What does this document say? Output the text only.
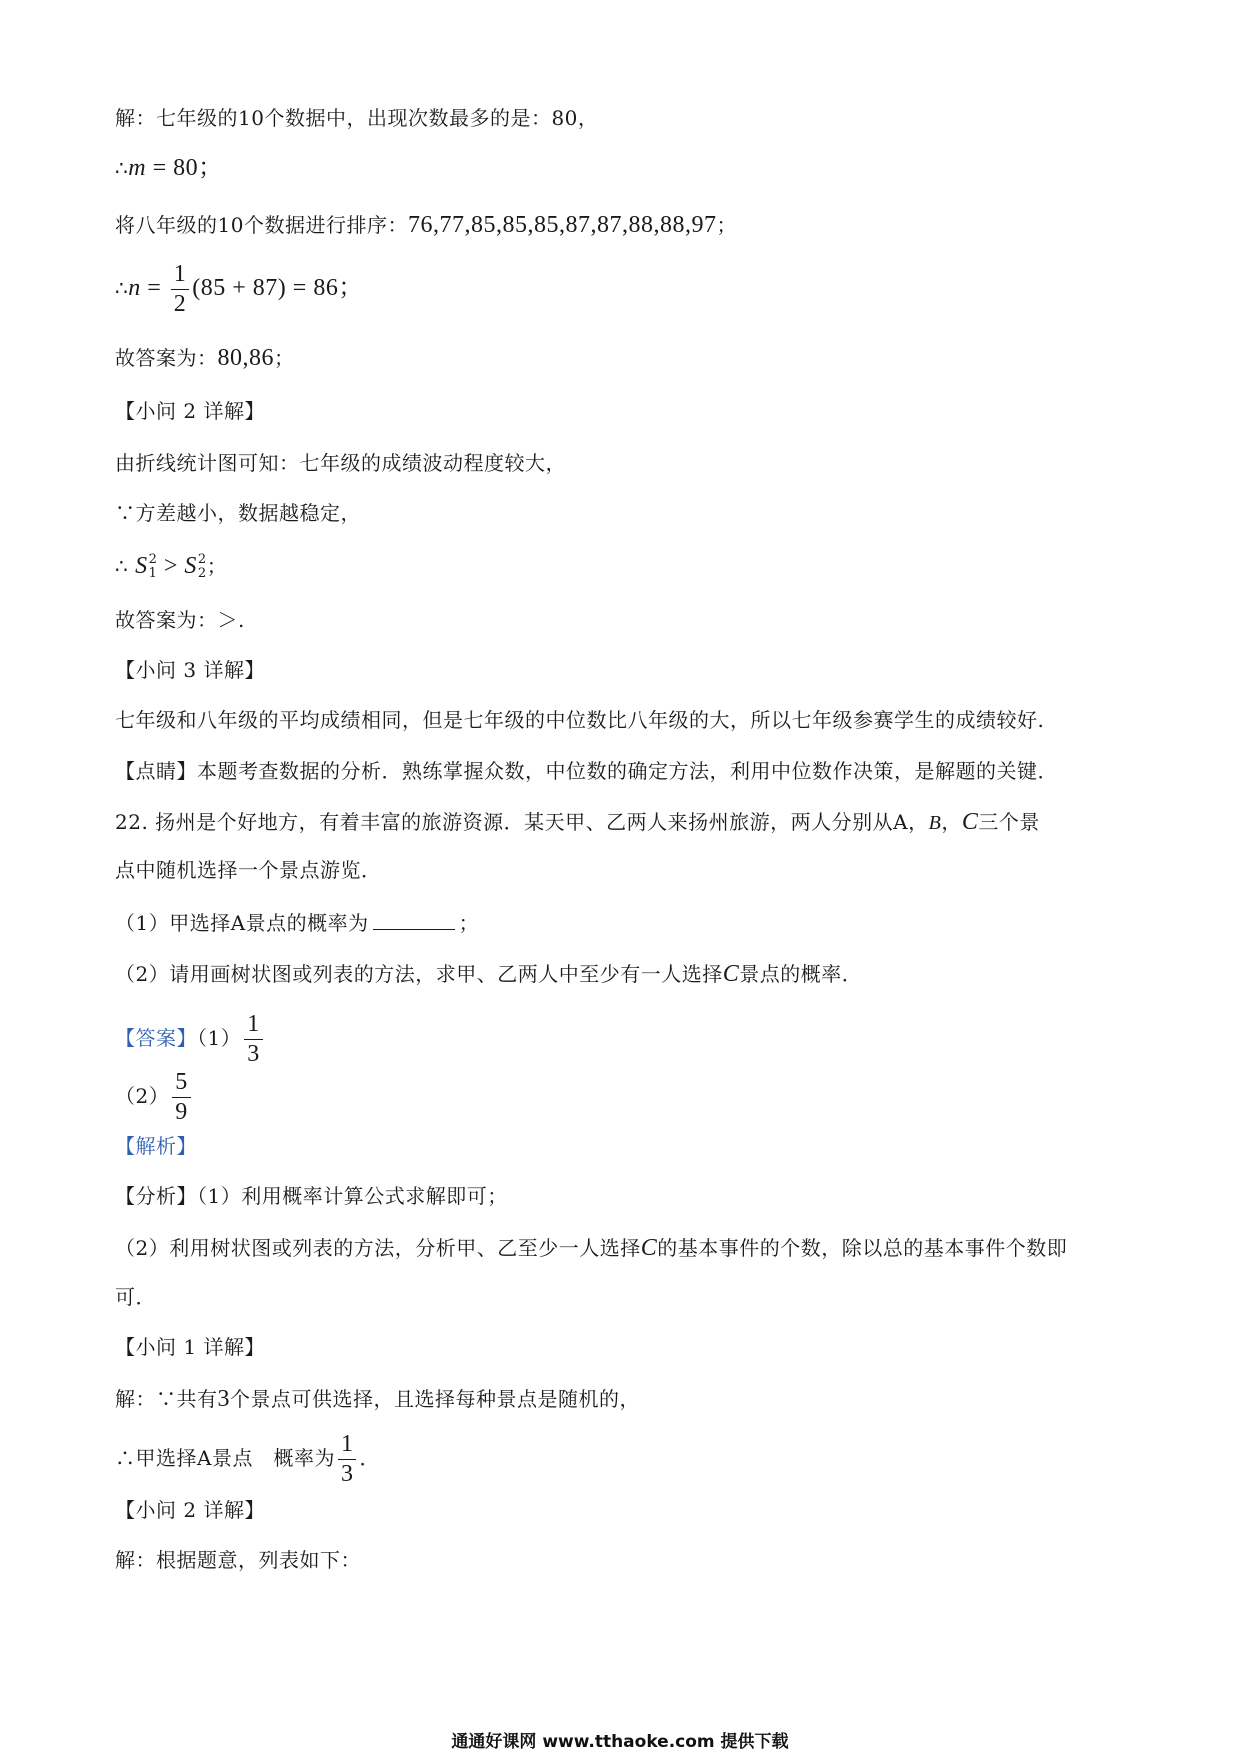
解：七年级的10个数据中，出现次数最多的是：80，
∴m = 80；
将八年级的10个数据进行排序：76,77,85,85,85,87,87,88,88,97；
∴n = $\frac{1}{2} (85 + 87) = 86$；
故答案为：80,86；
【小问 2 详解】
由折线统计图可知：七年级的成绩波动程度较大，
∵方差越小，数据越稳定，
∴ S 2
1 > S 2
2 ；
故答案为：＞.
【小问 3 详解】
七年级和八年级的平均成绩相同，但是七年级的中位数比八年级的大，所以七年级参赛学生的成绩较好.
【点睛】本题考查数据的分析．熟练掌握众数，中位数的确定方法，利用中位数作决策，是解题的关键．
22. 扬州是个好地方，有着丰富的旅游资源．某天甲、乙两人来扬州旅游，两人分别从A，B，C三个景
点中随机选择一个景点游览．
（1）甲选择A景点的概率为	；
（2）请用画树状图或列表的方法，求甲、乙两人中至少有一人选择C景点的概率．
【答案】$(1) \frac{1}{3}$
$(2) \frac{5}{9}$
【解析】
【分析】（1）利用概率计算公式求解即可；
（2）利用树状图或列表的方法，分析甲、乙至少一人选择C的基本事件的个数，除以总的基本事件个数即
可．
【小问 1 详解】
解：∵共有3个景点可供选择，且选择每种景点是随机的，
∴甲选择A景点　概率为 $\frac{1}{3}$ ．
【小问 2 详解】
解：根据题意，列表如下：
通通好课网 www.tthaoke.com 提供下载
